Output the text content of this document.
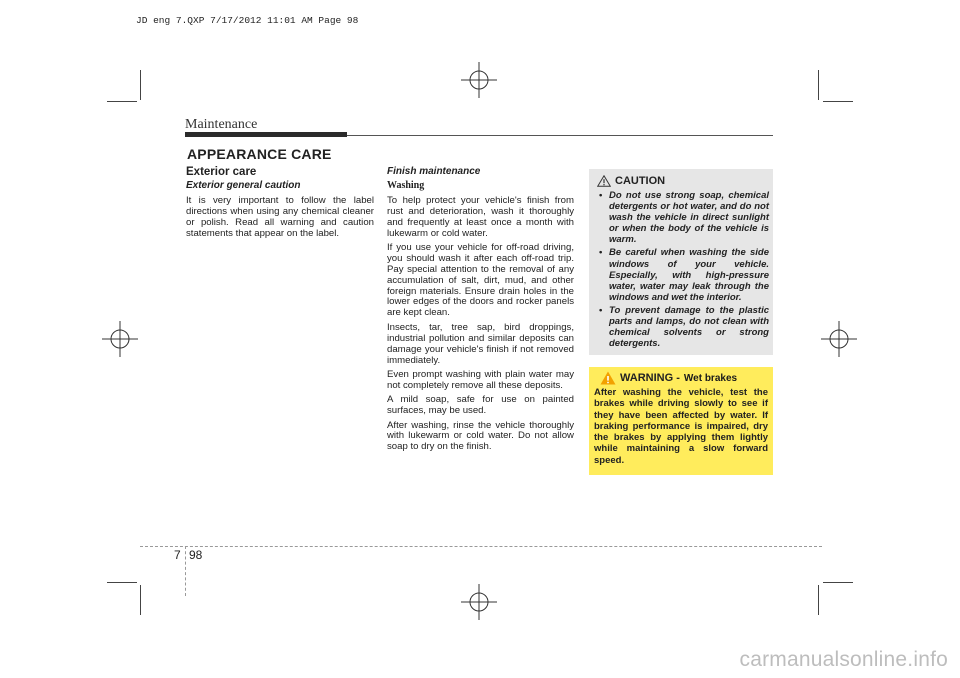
JD eng 7.QXP 7/17/2012 11:01 AM Page 98
Maintenance
APPEARANCE CARE

Exterior care

Exterior general caution

It is very important to follow the label directions when using any chemical cleaner or polish. Read all warning and caution statements that appear on the label.

Finish maintenance

Washing

To help protect your vehicle's finish from rust and deterioration, wash it thoroughly and frequently at least once a month with lukewarm or cold water.

If you use your vehicle for off-road driving, you should wash it after each off-road trip. Pay special attention to the removal of any accumulation of salt, dirt, mud, and other foreign materials. Ensure drain holes in the lower edges of the doors and rocker panels are kept clean.

Insects, tar, tree sap, bird droppings, industrial pollution and similar deposits can damage your vehicle's finish if not removed immediately.

Even prompt washing with plain water may not completely remove all these deposits.

A mild soap, safe for use on painted surfaces, may be used.

After washing, rinse the vehicle thoroughly with lukewarm or cold water. Do not allow soap to dry on the finish.

CAUTION
• Do not use strong soap, chemical detergents or hot water, and do not wash the vehicle in direct sunlight or when the body of the vehicle is warm.
• Be careful when washing the side windows of your vehicle. Especially, with high-pressure water, water may leak through the windows and wet the interior.
• To prevent damage to the plastic parts and lamps, do not clean with chemical solvents or strong detergents.
WARNING - Wet brakes
After washing the vehicle, test the brakes while driving slowly to see if they have been affected by water. If braking performance is impaired, dry the brakes by applying them lightly while maintaining a slow forward speed.
7 98
carmanualsonline.info
